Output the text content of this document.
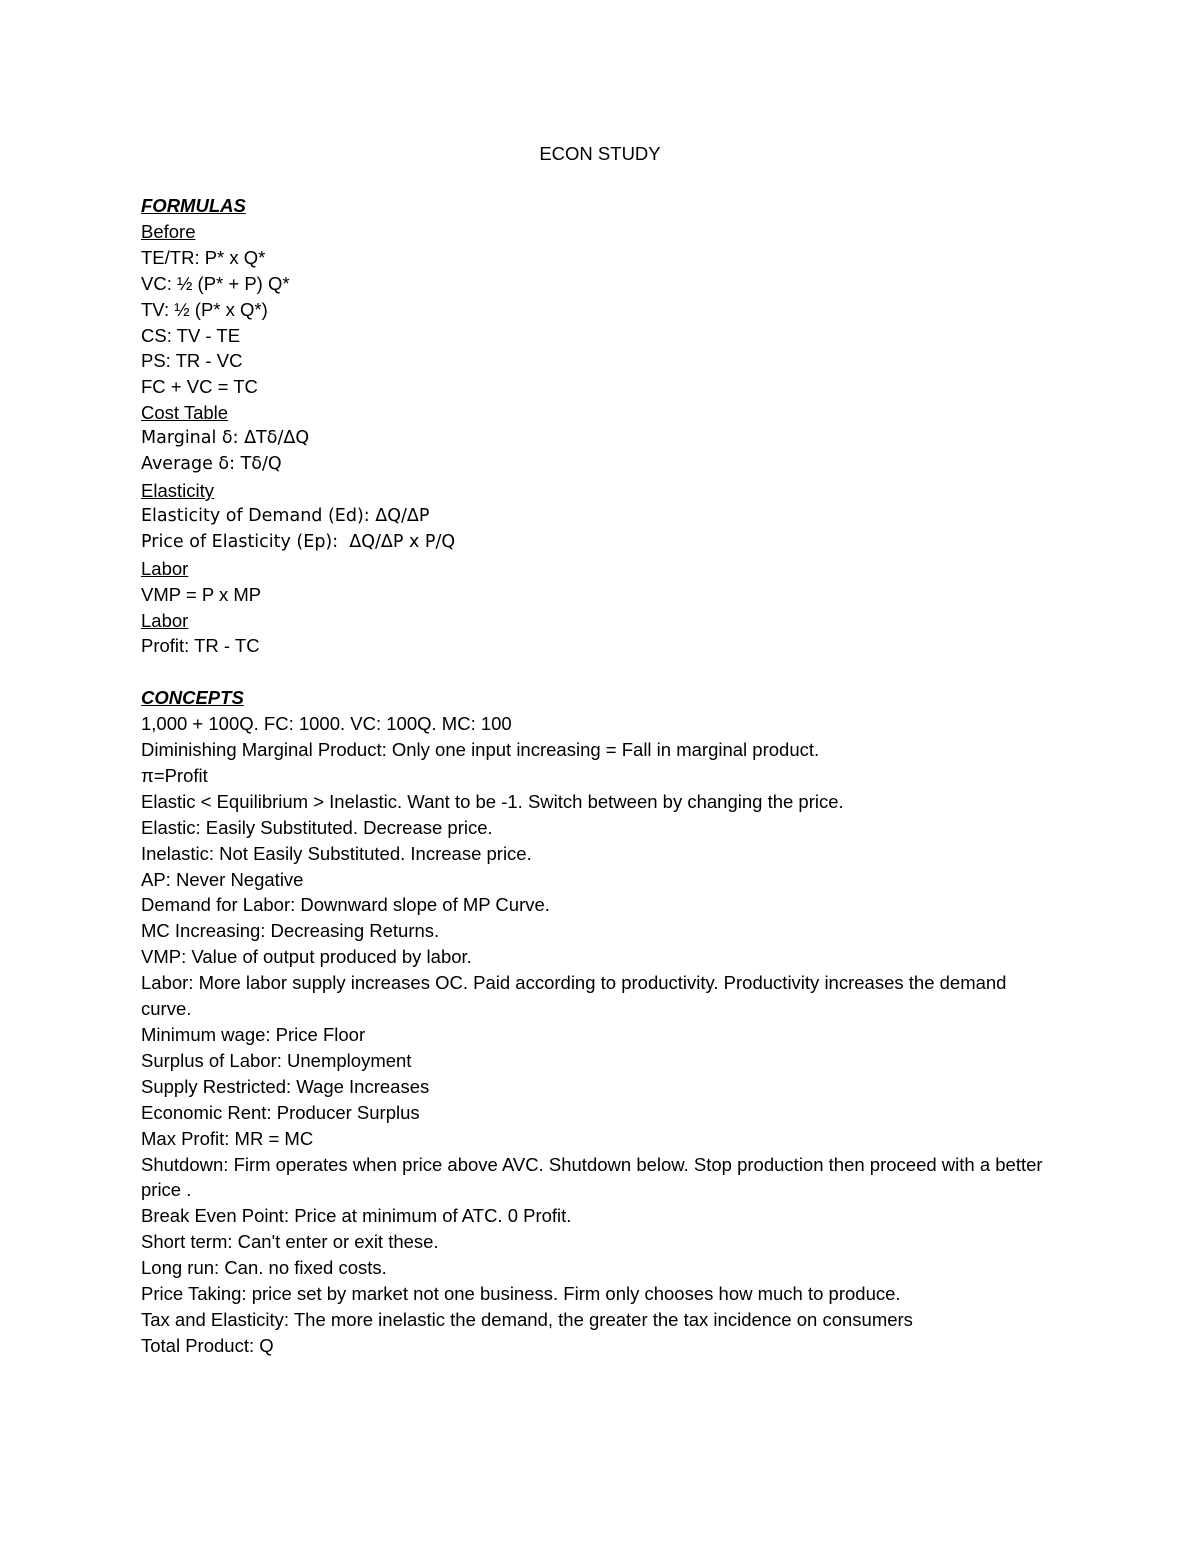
ECON STUDY
FORMULAS
Before
TE/TR: P* x Q*
VC: ½ (P* + P) Q*
TV: ½ (P* x Q*)
CS: TV - TE
PS: TR - VC
FC + VC = TC
Cost Table
Marginal δ: ΔTδ/ΔQ
Average δ: Tδ/Q
Elasticity
Elasticity of Demand (Ed): ΔQ/ΔP
Price of Elasticity (Ep):  ΔQ/ΔP x P/Q
Labor
VMP = P x MP
Labor
Profit: TR - TC
CONCEPTS
1,000 + 100Q. FC: 1000. VC: 100Q. MC: 100
Diminishing Marginal Product: Only one input increasing = Fall in marginal product.
π=Profit
Elastic < Equilibrium > Inelastic. Want to be -1. Switch between by changing the price.
Elastic: Easily Substituted. Decrease price.
Inelastic: Not Easily Substituted. Increase price.
AP: Never Negative
Demand for Labor: Downward slope of MP Curve.
MC Increasing: Decreasing Returns.
VMP: Value of output produced by labor.
Labor: More labor supply increases OC. Paid according to productivity. Productivity increases the demand curve.
Minimum wage: Price Floor
Surplus of Labor: Unemployment
Supply Restricted: Wage Increases
Economic Rent: Producer Surplus
Max Profit: MR = MC
Shutdown: Firm operates when price above AVC. Shutdown below. Stop production then proceed with a better price .
Break Even Point: Price at minimum of ATC. 0 Profit.
Short term: Can't enter or exit these.
Long run: Can. no fixed costs.
Price Taking: price set by market not one business. Firm only chooses how much to produce.
Tax and Elasticity: The more inelastic the demand, the greater the tax incidence on consumers
Total Product: Q
